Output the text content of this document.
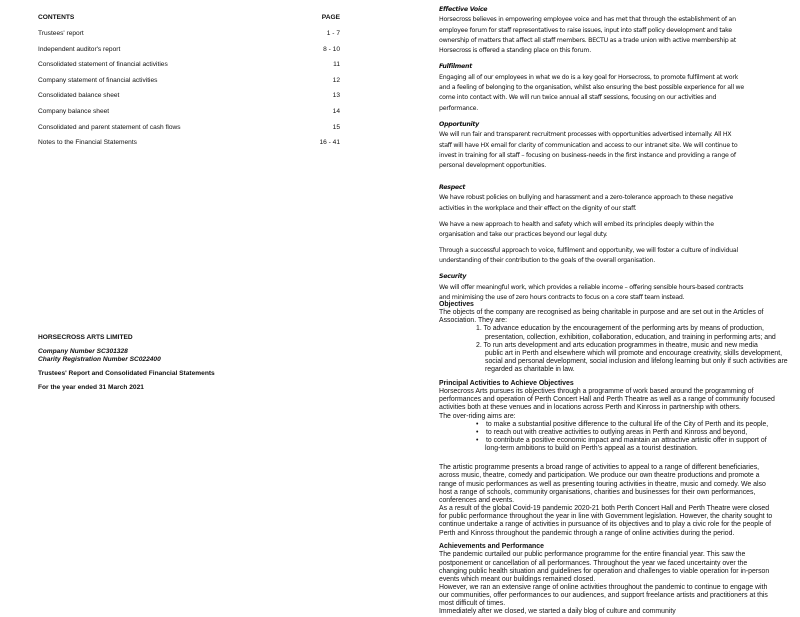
CONTENTS	PAGE
Trustees' report	1 - 7
Independent auditor's report	8 - 10
Consolidated statement of financial activities	11
Company statement of financial activities	12
Consolidated balance sheet	13
Company balance sheet	14
Consolidated and parent statement of cash flows	15
Notes to the Financial Statements	16 - 41
HORSECROSS ARTS LIMITED
Company Number SC301328
Charity Registration Number SC022400
Trustees' Report and Consolidated Financial Statements
For the year ended 31 March 2021
Effective Voice
Horsecross believes in empowering employee voice and has met that through the establishment of an
employee forum for staff representatives to raise issues, input into staff policy development and take
ownership of matters that affect all staff members. BECTU as a trade union with active membership at
Horsecross is offered a standing place on this forum.
Fulfilment
Engaging all of our employees in what we do is a key goal for Horsecross, to promote fulfilment at work
and a feeling of belonging to the organisation, whilst also ensuring the best possible experience for all we
come into contact with. We will run twice annual all staff sessions, focusing on our activities and
performance.
Opportunity
We will run fair and transparent recruitment processes with opportunities advertised internally. All HX
staff will have HX email for clarity of communication and access to our intranet site. We will continue to
invest in training for all staff – focusing on business-needs in the first instance and providing a range of
personal development opportunities.
Respect
We have robust policies on bullying and harassment and a zero-tolerance approach to these negative
activities in the workplace and their effect on the dignity of our staff.
We have a new approach to health and safety which will embed its principles deeply within the
organisation and take our practices beyond our legal duty.
Through a successful approach to voice, fulfilment and opportunity, we will foster a culture of individual
understanding of their contribution to the goals of the overall organisation.
Security
We will offer meaningful work, which provides a reliable income – offering sensible hours-based contracts
and minimising the use of zero hours contracts to focus on a core staff team instead.
Objectives
The objects of the company are recognised as being charitable in purpose and are set out in the Articles of
Association. They are:
1. To advance education by the encouragement of the performing arts by means of production,
presentation, collection, exhibition, collaboration, education, and training in performing arts; and
2. To run arts development and arts education programmes in theatre, music and new media
public art in Perth and elsewhere which will promote and encourage creativity, skills development,
social and personal development, social inclusion and lifelong learning but only if such activities are
regarded as charitable in law.
Principal Activities to Achieve Objectives
Horsecross Arts pursues its objectives through a programme of work based around the programming of
performances and operation of Perth Concert Hall and Perth Theatre as well as a range of community focused
activities both at these venues and in locations across Perth and Kinross in partnership with others.
The over-riding aims are:
• to make a substantial positive difference to the cultural life of the City of Perth and its people,
• to reach out with creative activities to outlying areas in Perth and Kinross and beyond,
• to contribute a positive economic impact and maintain an attractive artistic offer in support of
long-term ambitions to build on Perth’s appeal as a tourist destination.
The artistic programme presents a broad range of activities to appeal to a range of different beneficiaries,
across music, theatre, comedy and participation. We produce our own theatre productions and promote a
range of music performances as well as presenting touring activities in theatre, music and comedy. We also
host a range of schools, community organisations, charities and businesses for their own performances,
conferences and events.
As a result of the global Covid-19 pandemic 2020-21 both Perth Concert Hall and Perth Theatre were closed
for public performance throughout the year in line with Government legislation. However, the charity sought to
continue undertake a range of activities in pursuance of its objectives and to play a civic role for the people of
Perth and Kinross throughout the pandemic through a range of online activities during the period.
Achievements and Performance
The pandemic curtailed our public performance programme for the entire financial year. This saw the
postponement or cancellation of all performances. Throughout the year we faced uncertainty over the
changing public health situation and guidelines for operation and challenges to viable operation for in-person
events which meant our buildings remained closed.
However, we ran an extensive range of online activities throughout the pandemic to continue to engage with
our communities, offer performances to our audiences, and support freelance artists and practitioners at this
most difficult of times.
Immediately after we closed, we started a daily blog of culture and community
